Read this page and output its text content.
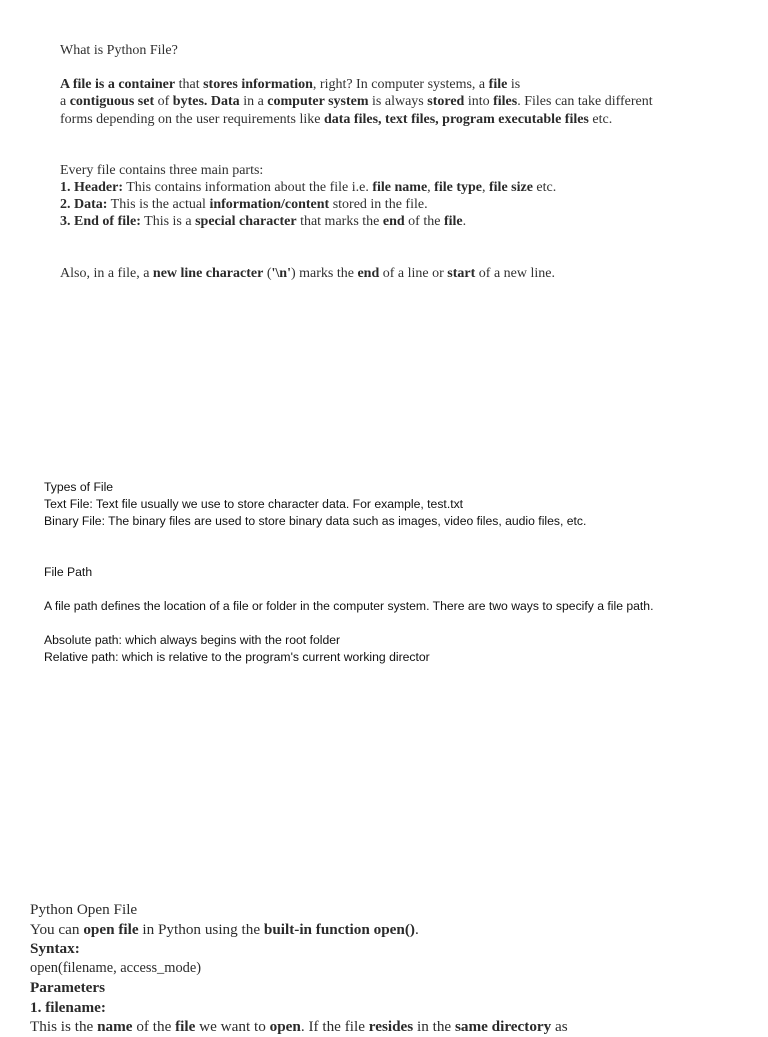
What is Python File?
A file is a container that stores information, right? In computer systems, a file is
a contiguous set of bytes. Data in a computer system is always stored into files. Files can take different
forms depending on the user requirements like data files, text files, program executable files etc.
Every file contains three main parts:
1. Header: This contains information about the file i.e. file name, file type, file size etc.
2. Data: This is the actual information/content stored in the file.
3. End of file: This is a special character that marks the end of the file.
Also, in a file, a new line character ('\n') marks the end of a line or start of a new line.
Types of File
Text File: Text file usually we use to store character data. For example, test.txt
Binary File: The binary files are used to store binary data such as images, video files, audio files, etc.
File Path
A file path defines the location of a file or folder in the computer system. There are two ways to specify a file path.
Absolute path: which always begins with the root folder
Relative path: which is relative to the program's current working director
Python Open File
You can open file in Python using the built-in function open().
Syntax:
open(filename, access_mode)
Parameters
1. filename:
This is the name of the file we want to open. If the file resides in the same directory as
